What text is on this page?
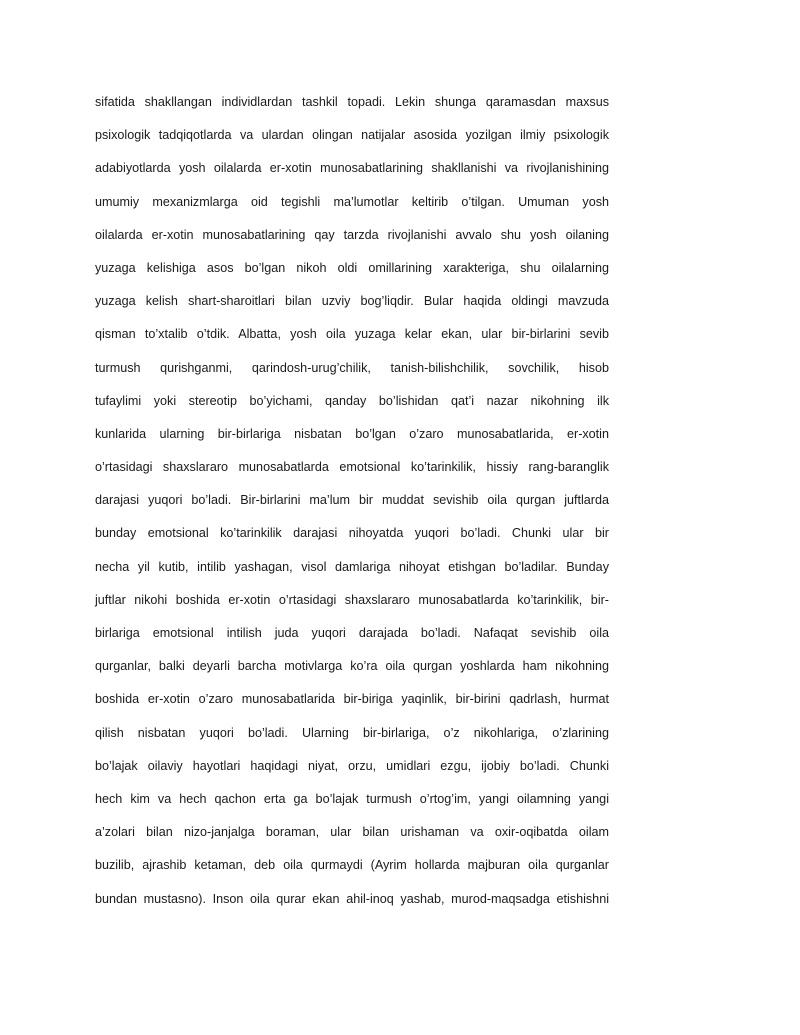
sifatida shakllangan individlardan tashkil topadi. Lekin shunga qaramasdan maxsus
psixologik tadqiqotlarda va ulardan olingan natijalar asosida yozilgan ilmiy psixologik
adabiyotlarda yosh oilalarda er-xotin munosabatlarining shakllanishi va rivojlanishining
umumiy mexanizmlarga oid tegishli ma’lumotlar keltirib o’tilgan. Umuman yosh
oilalarda er-xotin munosabatlarining qay tarzda rivojlanishi avvalo shu yosh oilaning
yuzaga kelishiga asos bo’lgan nikoh oldi omillarining xarakteriga, shu oilalarning
yuzaga kelish shart-sharoitlari bilan uzviy bog’liqdir. Bular haqida oldingi mavzuda
qisman to’xtalib o’tdik. Albatta, yosh oila yuzaga kelar ekan, ular bir-birlarini sevib
turmush qurishganmi, qarindosh-urug’chilik, tanish-bilishchilik, sovchilik, hisob
tufaylimi yoki stereotip bo’yichami, qanday bo’lishidan qat’i nazar nikohning ilk
kunlarida ularning bir-birlariga nisbatan bo’lgan o’zaro munosabatlarida, er-xotin
o’rtasidagi shaxslararo munosabatlarda emotsional ko’tarinkilik, hissiy rang-baranglik
darajasi yuqori bo’ladi. Bir-birlarini ma’lum bir muddat sevishib oila qurgan juftlarda
bunday emotsional ko’tarinkilik darajasi nihoyatda yuqori bo’ladi. Chunki ular bir
necha yil kutib, intilib yashagan, visol damlariga nihoyat etishgan bo’ladilar. Bunday
juftlar nikohi boshida er-xotin o’rtasidagi shaxslararo munosabatlarda ko’tarinkilik, bir-
birlariga emotsional intilish juda yuqori darajada bo’ladi. Nafaqat sevishib oila
qurganlar, balki deyarli barcha motivlarga ko’ra oila qurgan yoshlarda ham nikohning
boshida er-xotin o’zaro munosabatlarida bir-biriga yaqinlik, bir-birini qadrlash, hurmat
qilish nisbatan yuqori bo’ladi. Ularning bir-birlariga, o’z nikohlariga, o’zlarining
bo’lajak oilaviy hayotlari haqidagi niyat, orzu, umidlari ezgu, ijobiy bo’ladi. Chunki
hech kim va hech qachon erta ga bo’lajak turmush o’rtog’im, yangi oilamning yangi
a’zolari bilan nizo-janjalga boraman, ular bilan urishaman va oxir-oqibatda oilam
buzilib, ajrashib ketaman, deb oila qurmaydi (Ayrim hollarda majburan oila qurganlar
bundan mustasno). Inson oila qurar ekan ahil-inoq yashab, murod-maqsadga etishishni
